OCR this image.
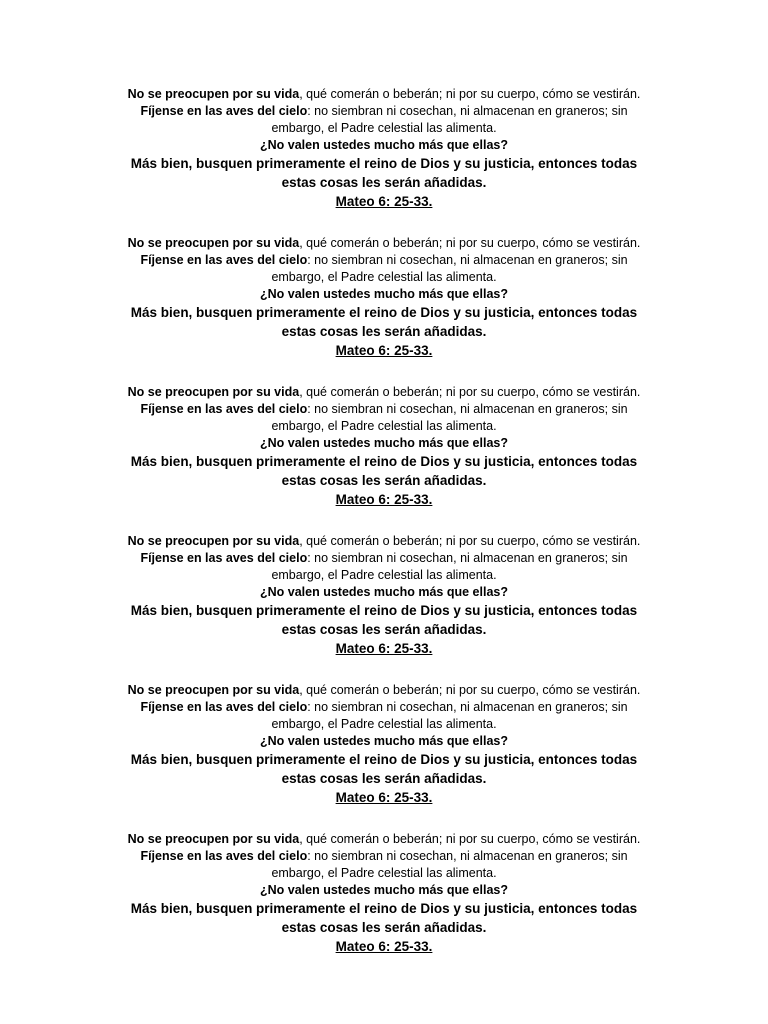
No se preocupen por su vida, qué comerán o beberán; ni por su cuerpo, cómo se vestirán.
Fíjense en las aves del cielo: no siembran ni cosechan, ni almacenan en graneros; sin
embargo, el Padre celestial las alimenta.
¿No valen ustedes mucho más que ellas?
Más bien, busquen primeramente el reino de Dios y su justicia, entonces todas
estas cosas les serán añadidas.
Mateo 6: 25-33.
No se preocupen por su vida, qué comerán o beberán; ni por su cuerpo, cómo se vestirán.
Fíjense en las aves del cielo: no siembran ni cosechan, ni almacenan en graneros; sin
embargo, el Padre celestial las alimenta.
¿No valen ustedes mucho más que ellas?
Más bien, busquen primeramente el reino de Dios y su justicia, entonces todas
estas cosas les serán añadidas.
Mateo 6: 25-33.
No se preocupen por su vida, qué comerán o beberán; ni por su cuerpo, cómo se vestirán.
Fíjense en las aves del cielo: no siembran ni cosechan, ni almacenan en graneros; sin
embargo, el Padre celestial las alimenta.
¿No valen ustedes mucho más que ellas?
Más bien, busquen primeramente el reino de Dios y su justicia, entonces todas
estas cosas les serán añadidas.
Mateo 6: 25-33.
No se preocupen por su vida, qué comerán o beberán; ni por su cuerpo, cómo se vestirán.
Fíjense en las aves del cielo: no siembran ni cosechan, ni almacenan en graneros; sin
embargo, el Padre celestial las alimenta.
¿No valen ustedes mucho más que ellas?
Más bien, busquen primeramente el reino de Dios y su justicia, entonces todas
estas cosas les serán añadidas.
Mateo 6: 25-33.
No se preocupen por su vida, qué comerán o beberán; ni por su cuerpo, cómo se vestirán.
Fíjense en las aves del cielo: no siembran ni cosechan, ni almacenan en graneros; sin
embargo, el Padre celestial las alimenta.
¿No valen ustedes mucho más que ellas?
Más bien, busquen primeramente el reino de Dios y su justicia, entonces todas
estas cosas les serán añadidas.
Mateo 6: 25-33.
No se preocupen por su vida, qué comerán o beberán; ni por su cuerpo, cómo se vestirán.
Fíjense en las aves del cielo: no siembran ni cosechan, ni almacenan en graneros; sin
embargo, el Padre celestial las alimenta.
¿No valen ustedes mucho más que ellas?
Más bien, busquen primeramente el reino de Dios y su justicia, entonces todas
estas cosas les serán añadidas.
Mateo 6: 25-33.
